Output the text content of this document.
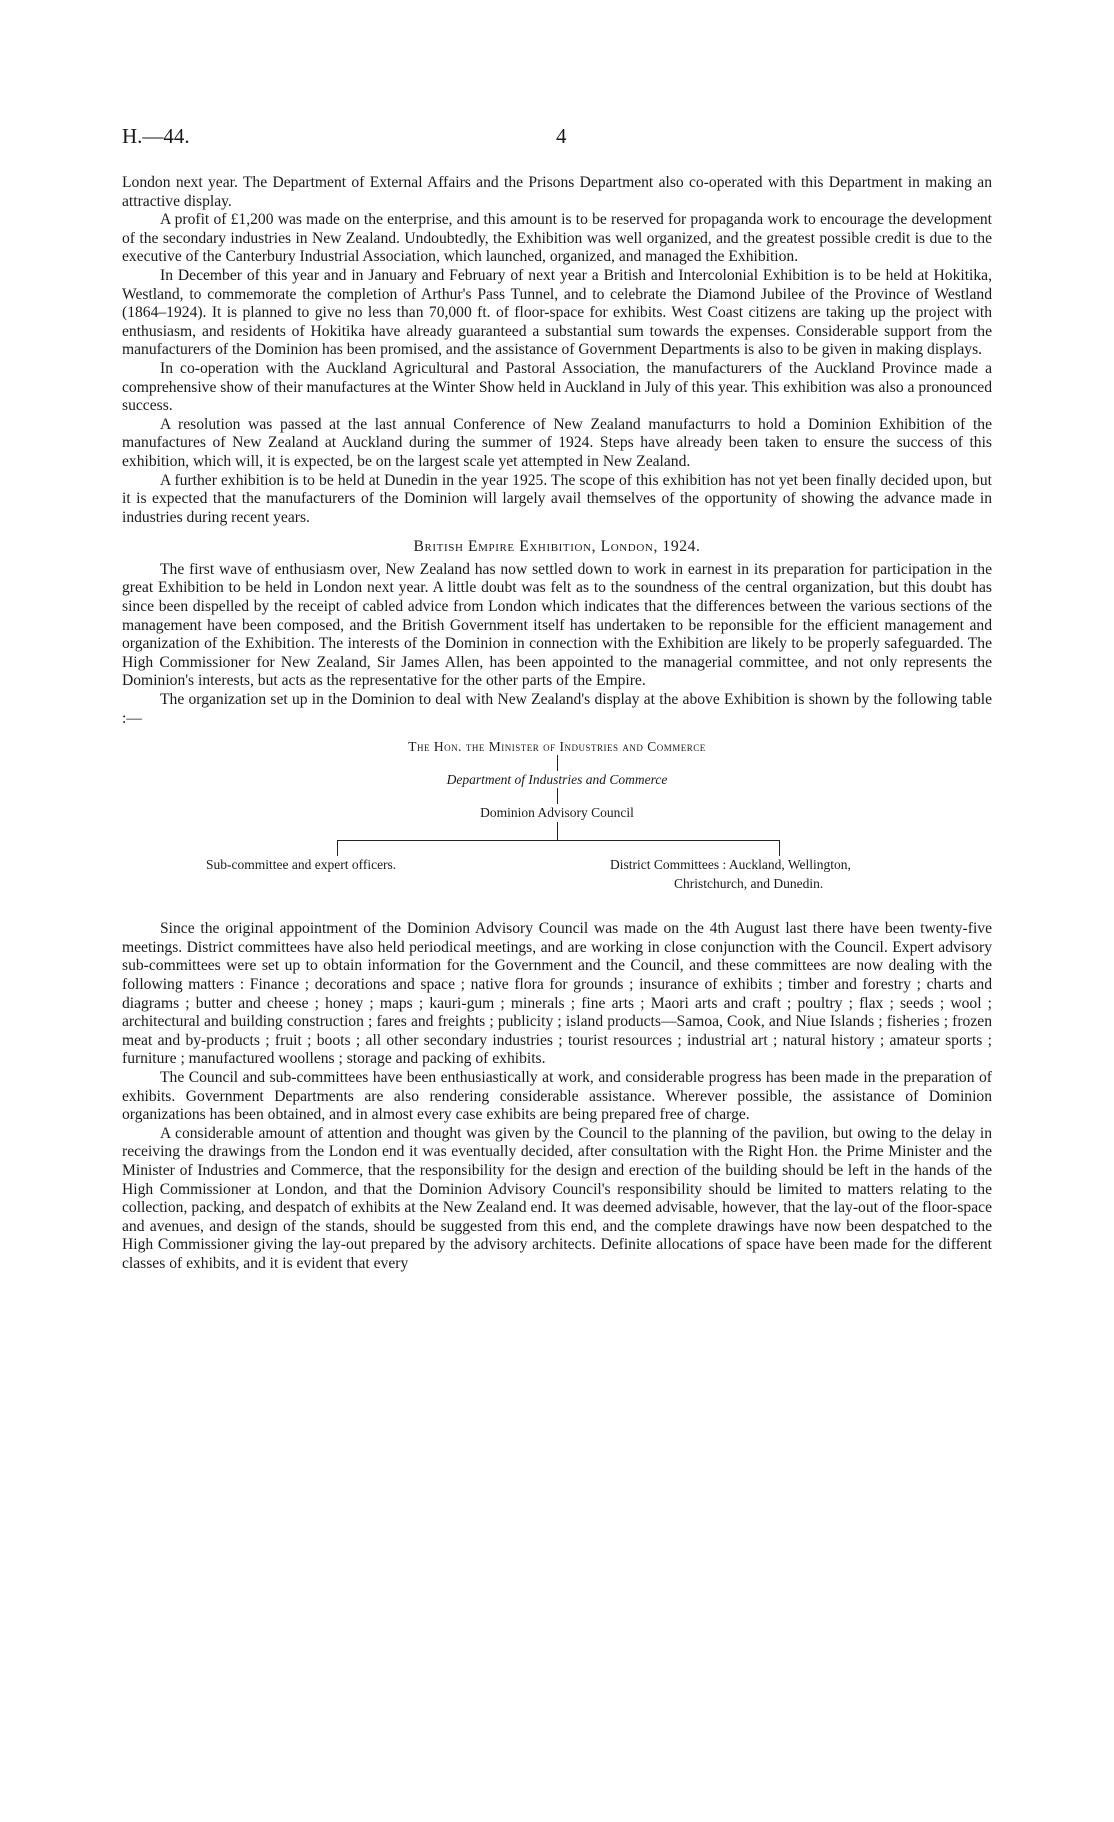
H.—44.	4

London next year. The Department of External Affairs and the Prisons Department also co-operated with this Department in making an attractive display.

A profit of £1,200 was made on the enterprise, and this amount is to be reserved for propaganda work to encourage the development of the secondary industries in New Zealand. Undoubtedly, the Exhibition was well organized, and the greatest possible credit is due to the executive of the Canterbury Industrial Association, which launched, organized, and managed the Exhibition.

In December of this year and in January and February of next year a British and Intercolonial Exhibition is to be held at Hokitika, Westland, to commemorate the completion of Arthur's Pass Tunnel, and to celebrate the Diamond Jubilee of the Province of Westland (1864–1924). It is planned to give no less than 70,000 ft. of floor-space for exhibits. West Coast citizens are taking up the project with enthusiasm, and residents of Hokitika have already guaranteed a substantial sum towards the expenses. Considerable support from the manufacturers of the Dominion has been promised, and the assistance of Government Departments is also to be given in making displays.

In co-operation with the Auckland Agricultural and Pastoral Association, the manufacturers of the Auckland Province made a comprehensive show of their manufactures at the Winter Show held in Auckland in July of this year. This exhibition was also a pronounced success.

A resolution was passed at the last annual Conference of New Zealand manufacturrs to hold a Dominion Exhibition of the manufactures of New Zealand at Auckland during the summer of 1924. Steps have already been taken to ensure the success of this exhibition, which will, it is expected, be on the largest scale yet attempted in New Zealand.

A further exhibition is to be held at Dunedin in the year 1925. The scope of this exhibition has not yet been finally decided upon, but it is expected that the manufacturers of the Dominion will largely avail themselves of the opportunity of showing the advance made in industries during recent years.

British Empire Exhibition, London, 1924.

The first wave of enthusiasm over, New Zealand has now settled down to work in earnest in its preparation for participation in the great Exhibition to be held in London next year. A little doubt was felt as to the soundness of the central organization, but this doubt has since been dispelled by the receipt of cabled advice from London which indicates that the differences between the various sections of the management have been composed, and the British Government itself has undertaken to be reponsible for the efficient management and organization of the Exhibition. The interests of the Dominion in connection with the Exhibition are likely to be properly safeguarded. The High Commissioner for New Zealand, Sir James Allen, has been appointed to the managerial committee, and not only represents the Dominion's interests, but acts as the representative for the other parts of the Empire.

The organization set up in the Dominion to deal with New Zealand's display at the above Exhibition is shown by the following table :—

The Hon. the Minister of Industries and Commerce
Department of Industries and Commerce
Dominion Advisory Council
Sub-committee and expert officers.	District Committees : Auckland, Wellington,
Christchurch, and Dunedin.

Since the original appointment of the Dominion Advisory Council was made on the 4th August last there have been twenty-five meetings. District committees have also held periodical meetings, and are working in close conjunction with the Council. Expert advisory sub-committees were set up to obtain information for the Government and the Council, and these committees are now dealing with the following matters : Finance ; decorations and space ; native flora for grounds ; insurance of exhibits ; timber and forestry ; charts and diagrams ; butter and cheese ; honey ; maps ; kauri-gum ; minerals ; fine arts ; Maori arts and craft ; poultry ; flax ; seeds ; wool ; architectural and building construction ; fares and freights ; publicity ; island products—Samoa, Cook, and Niue Islands ; fisheries ; frozen meat and by-products ; fruit ; boots ; all other secondary industries ; tourist resources ; industrial art ; natural history ; amateur sports ; furniture ; manufactured woollens ; storage and packing of exhibits.

The Council and sub-committees have been enthusiastically at work, and considerable progress has been made in the preparation of exhibits. Government Departments are also rendering considerable assistance. Wherever possible, the assistance of Dominion organizations has been obtained, and in almost every case exhibits are being prepared free of charge.

A considerable amount of attention and thought was given by the Council to the planning of the pavilion, but owing to the delay in receiving the drawings from the London end it was eventually decided, after consultation with the Right Hon. the Prime Minister and the Minister of Industries and Commerce, that the responsibility for the design and erection of the building should be left in the hands of the High Commissioner at London, and that the Dominion Advisory Council's responsibility should be limited to matters relating to the collection, packing, and despatch of exhibits at the New Zealand end. It was deemed advisable, however, that the lay-out of the floor-space and avenues, and design of the stands, should be suggested from this end, and the complete drawings have now been despatched to the High Commissioner giving the lay-out prepared by the advisory architects. Definite allocations of space have been made for the different classes of exhibits, and it is evident that every
